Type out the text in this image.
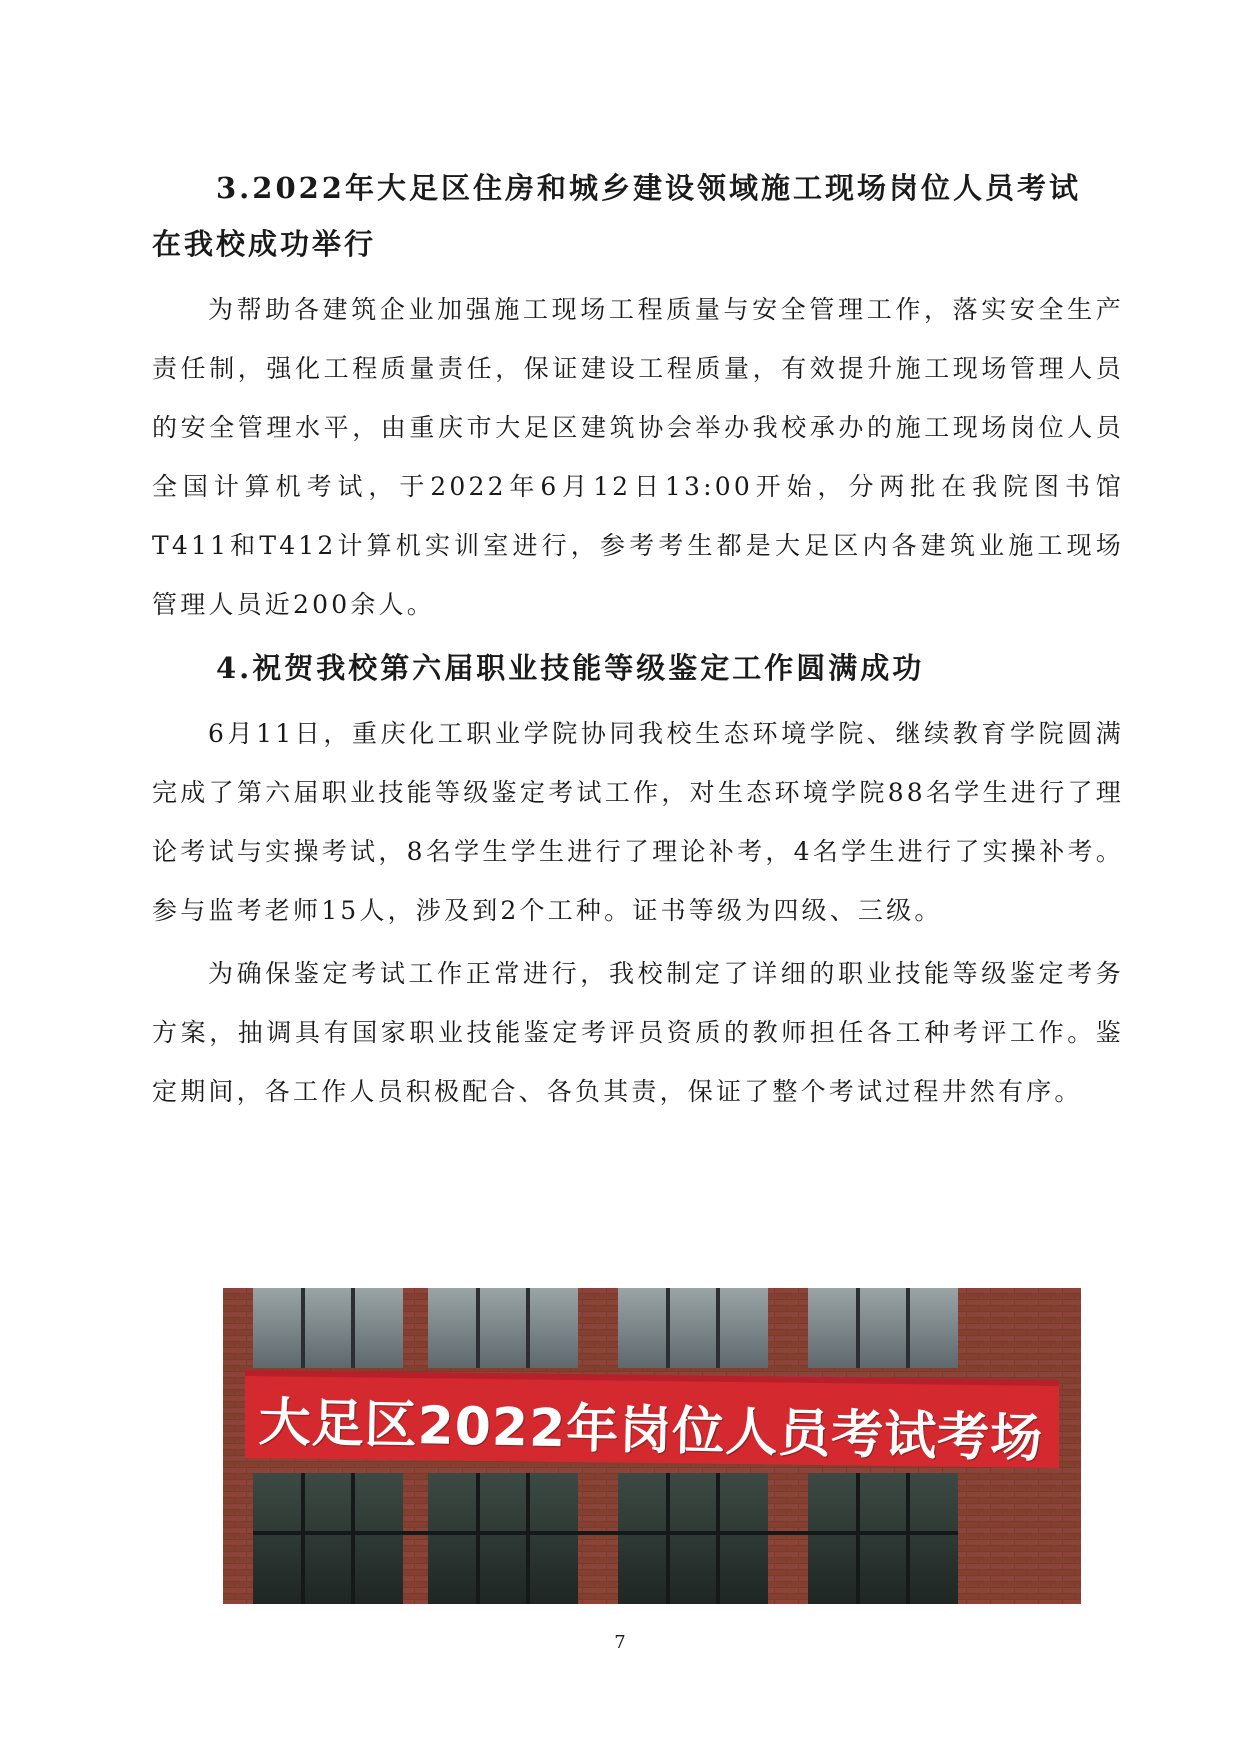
3.2022年大足区住房和城乡建设领域施工现场岗位人员考试
在我校成功举行

为帮助各建筑企业加强施工现场工程质量与安全管理工作，落实安全生产责任制，强化工程质量责任，保证建设工程质量，有效提升施工现场管理人员的安全管理水平，由重庆市大足区建筑协会举办我校承办的施工现场岗位人员全国计算机考试，于2022年6月12日13:00开始，分两批在我院图书馆T411和T412计算机实训室进行，参考考生都是大足区内各建筑业施工现场管理人员近200余人。

4.祝贺我校第六届职业技能等级鉴定工作圆满成功

6月11日，重庆化工职业学院协同我校生态环境学院、继续教育学院圆满完成了第六届职业技能等级鉴定考试工作，对生态环境学院88名学生进行了理论考试与实操考试，8名学生学生进行了理论补考，4名学生进行了实操补考。参与监考老师15人，涉及到2个工种。证书等级为四级、三级。

为确保鉴定考试工作正常进行，我校制定了详细的职业技能等级鉴定考务方案，抽调具有国家职业技能鉴定考评员资质的教师担任各工种考评工作。鉴定期间，各工作人员积极配合、各负其责，保证了整个考试过程井然有序。

大足区2022年岗位人员考试考场
7
